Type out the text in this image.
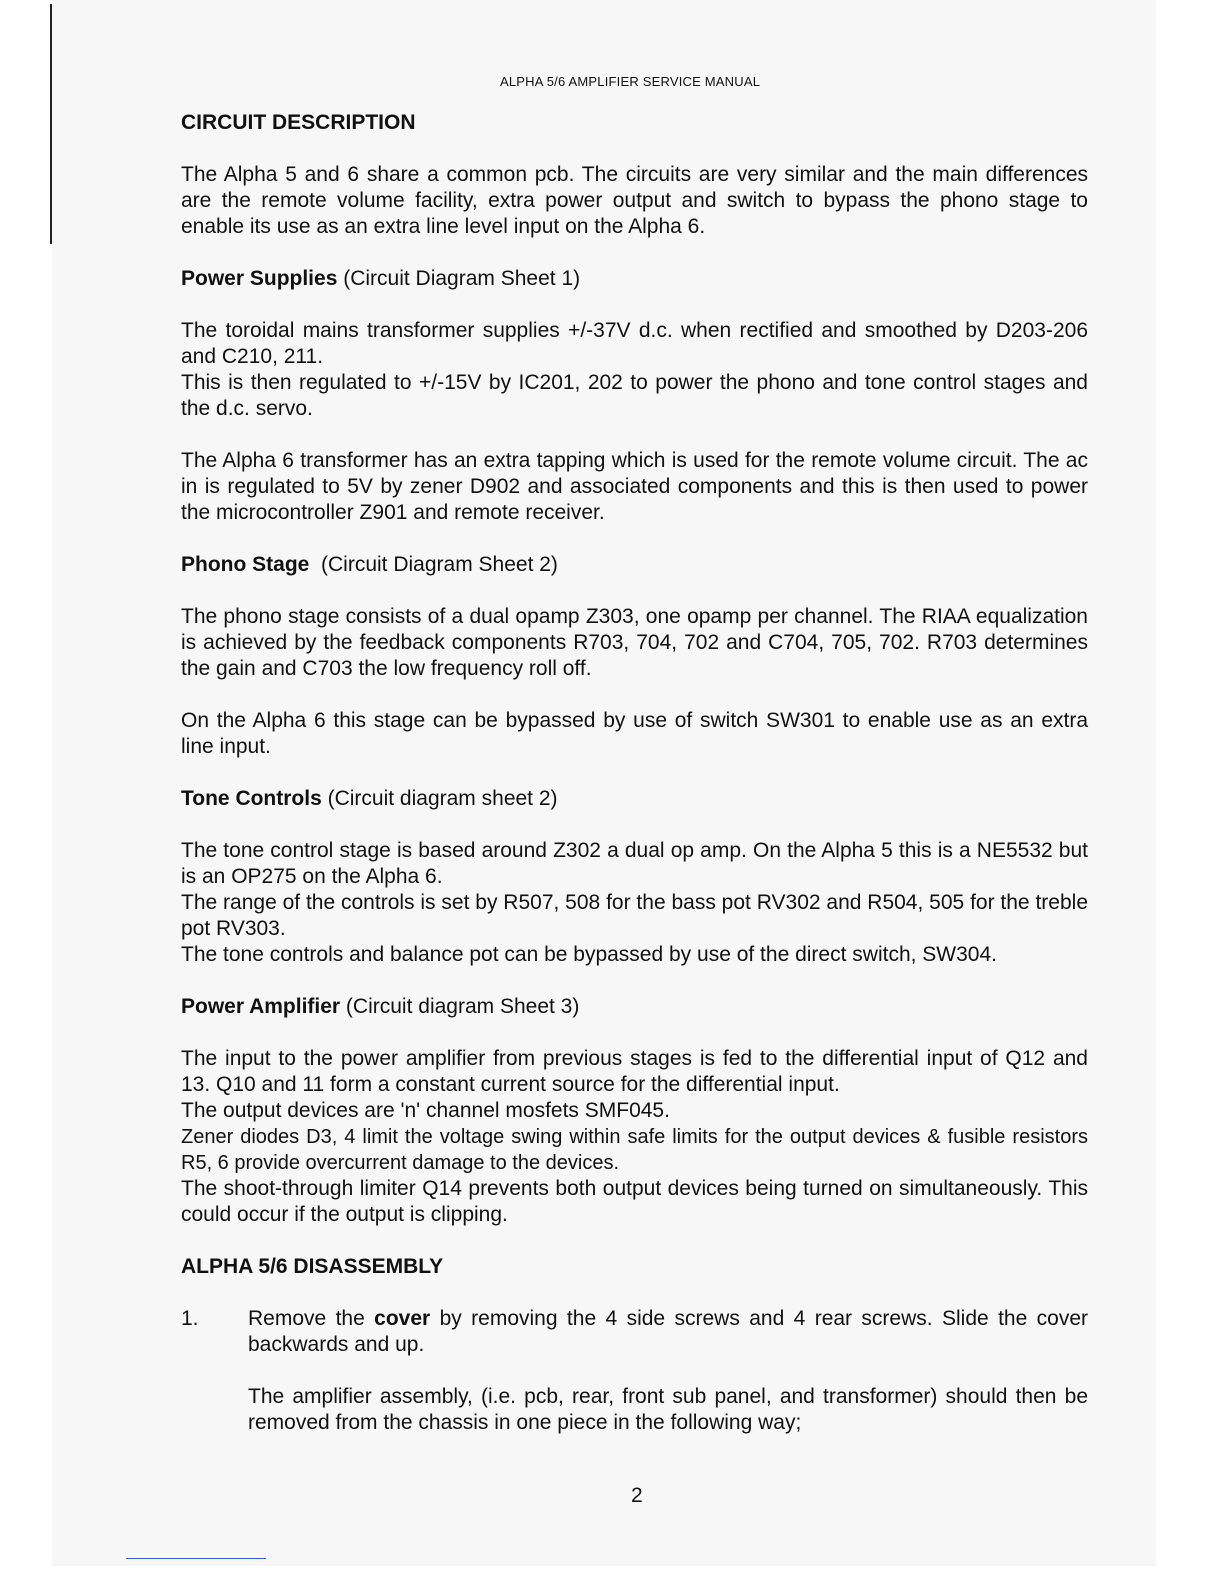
ALPHA 5/6 AMPLIFIER SERVICE MANUAL
CIRCUIT DESCRIPTION

The Alpha 5 and 6 share a common pcb. The circuits are very similar and the main differences are the remote volume facility, extra power output and switch to bypass the phono stage to enable its use as an extra line level input on the Alpha 6.

Power Supplies (Circuit Diagram Sheet 1)

The toroidal mains transformer supplies +/-37V d.c. when rectified and smoothed by D203-206 and C210, 211.

This is then regulated to +/-15V by IC201, 202 to power the phono and tone control stages and the d.c. servo.

The Alpha 6 transformer has an extra tapping which is used for the remote volume circuit. The ac in is regulated to 5V by zener D902 and associated components and this is then used to power the microcontroller Z901 and remote receiver.

Phono Stage  (Circuit Diagram Sheet 2)

The phono stage consists of a dual opamp Z303, one opamp per channel. The RIAA equalization is achieved by the feedback components R703, 704, 702 and C704, 705, 702. R703 determines the gain and C703 the low frequency roll off.

On the Alpha 6 this stage can be bypassed by use of switch SW301 to enable use as an extra line input.

Tone Controls (Circuit diagram sheet 2)

The tone control stage is based around Z302 a dual op amp. On the Alpha 5 this is a NE5532 but is an OP275 on the Alpha 6.

The range of the controls is set by R507, 508 for the bass pot RV302 and R504, 505 for the treble pot RV303.

The tone controls and balance pot can be bypassed by use of the direct switch, SW304.

Power Amplifier (Circuit diagram Sheet 3)

The input to the power amplifier from previous stages is fed to the differential input of Q12 and 13. Q10 and 11 form a constant current source for the differential input.

The output devices are 'n' channel mosfets SMF045.

Zener diodes D3, 4 limit the voltage swing within safe limits for the output devices & fusible resistors R5, 6 provide overcurrent damage to the devices.

The shoot-through limiter Q14 prevents both output devices being turned on simultaneously. This could occur if the output is clipping.

ALPHA 5/6 DISASSEMBLY
1.	Remove the cover by removing the 4 side screws and 4 rear screws. Slide the cover backwards and up.

The amplifier assembly, (i.e. pcb, rear, front sub panel, and transformer) should then be removed from the chassis in one piece in the following way;

2
